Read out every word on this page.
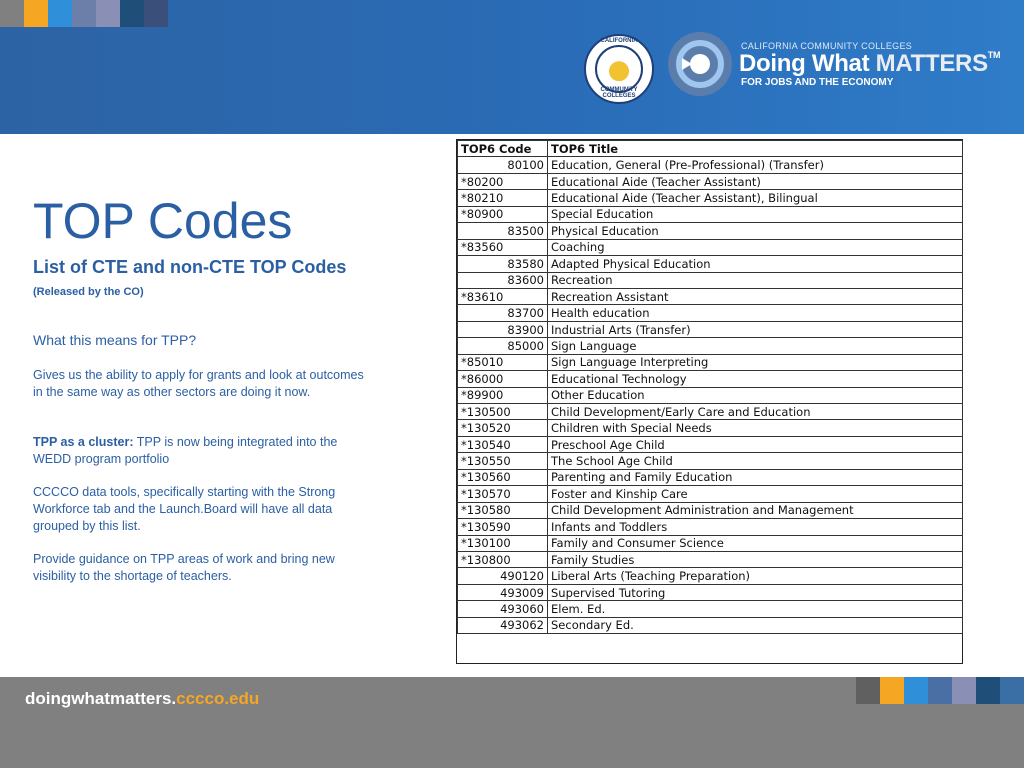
CALIFORNIA
COMMUNITY COLLEGES
CALIFORNIA COMMUNITY COLLEGES
Doing What MATTERS™
FOR JOBS AND THE ECONOMY
TOP Codes
List of CTE and non-CTE TOP Codes (Released by the CO)
What this means for TPP?
Gives us the ability to apply for grants and look at outcomes in the same way as other sectors are doing it now.
TPP as a cluster: TPP is now being integrated into the WEDD program portfolio
CCCCO data tools, specifically starting with the Strong Workforce tab and the Launch.Board will have all data grouped by this list.
Provide guidance on TPP areas of work and bring new visibility to the shortage of teachers.
TOP6 Code	TOP6 Title
80100	Education, General (Pre-Professional) (Transfer)
*80200	Educational Aide (Teacher Assistant)
*80210	Educational Aide (Teacher Assistant), Bilingual
*80900	Special Education
83500	Physical Education
*83560	Coaching
83580	Adapted Physical Education
83600	Recreation
*83610	Recreation Assistant
83700	Health education
83900	Industrial Arts (Transfer)
85000	Sign Language
*85010	Sign Language Interpreting
*86000	Educational Technology
*89900	Other Education
*130500	Child Development/Early Care and Education
*130520	Children with Special Needs
*130540	Preschool Age Child
*130550	The School Age Child
*130560	Parenting and Family Education
*130570	Foster and Kinship Care
*130580	Child Development Administration and Management
*130590	Infants and Toddlers
*130100	Family and Consumer Science
*130800	Family Studies
490120	Liberal Arts (Teaching Preparation)
493009	Supervised Tutoring
493060	Elem. Ed.
493062	Secondary Ed.
doingwhatmatters.cccco.edu
